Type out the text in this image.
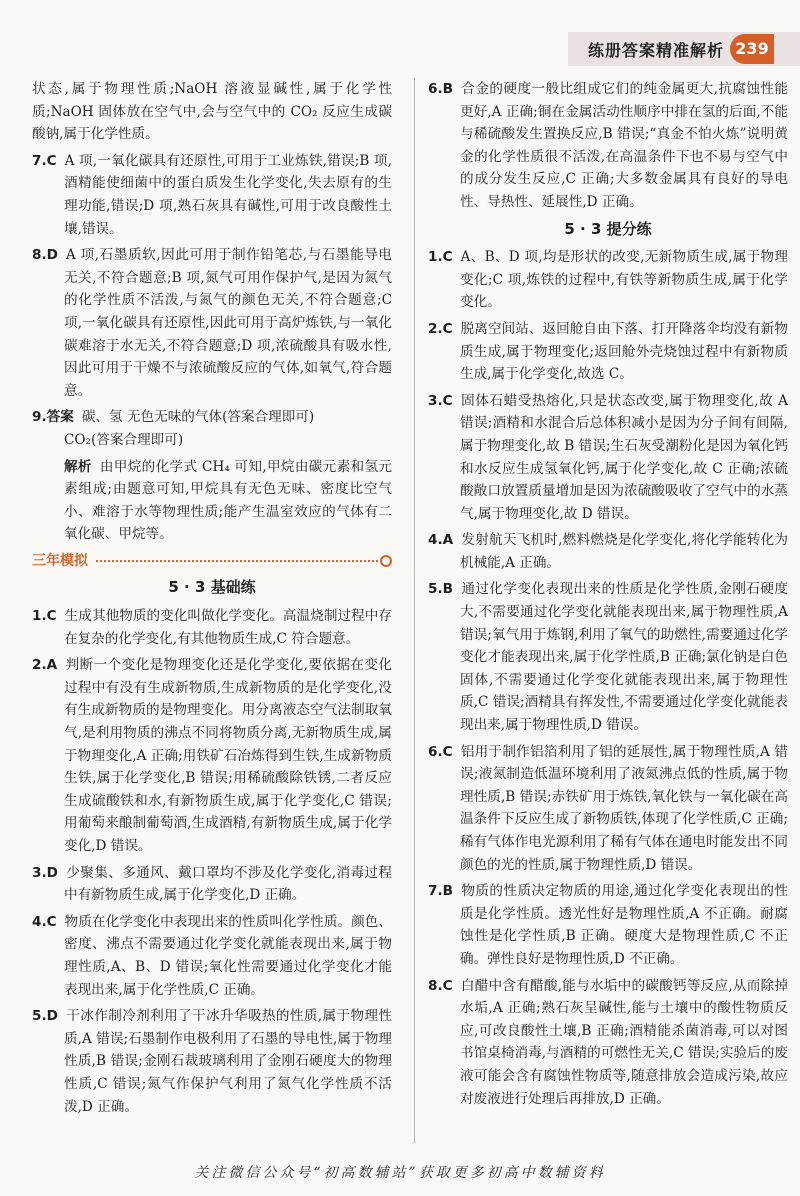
练册答案精准解析 239

状态,属于物理性质;NaOH 溶液显碱性,属于化学性质;NaOH 固体放在空气中,会与空气中的 CO₂ 反应生成碳酸钠,属于化学性质。

7.C A 项,一氧化碳具有还原性,可用于工业炼铁,错误;B 项,酒精能使细菌中的蛋白质发生化学变化,失去原有的生理功能,错误;D 项,熟石灰具有碱性,可用于改良酸性土壤,错误。

8.D A 项,石墨质软,因此可用于制作铅笔芯,与石墨能导电无关,不符合题意;B 项,氮气可用作保护气,是因为氮气的化学性质不活泼,与氮气的颜色无关,不符合题意;C 项,一氧化碳具有还原性,因此可用于高炉炼铁,与一氧化碳难溶于水无关,不符合题意;D 项,浓硫酸具有吸水性,因此可用于干燥不与浓硫酸反应的气体,如氧气,符合题意。

9.答案 碳、氢 无色无味的气体(答案合理即可)

CO₂(答案合理即可)

解析 由甲烷的化学式 CH₄ 可知,甲烷由碳元素和氢元素组成;由题意可知,甲烷具有无色无味、密度比空气小、难溶于水等物理性质;能产生温室效应的气体有二氧化碳、甲烷等。

三年模拟
5 · 3 基础练

1.C 生成其他物质的变化叫做化学变化。高温烧制过程中存在复杂的化学变化,有其他物质生成,C 符合题意。

2.A 判断一个变化是物理变化还是化学变化,要依据在变化过程中有没有生成新物质,生成新物质的是化学变化,没有生成新物质的是物理变化。用分离液态空气法制取氧气,是利用物质的沸点不同将物质分离,无新物质生成,属于物理变化,A 正确;用铁矿石冶炼得到生铁,生成新物质生铁,属于化学变化,B 错误;用稀硫酸除铁锈,二者反应生成硫酸铁和水,有新物质生成,属于化学变化,C 错误;用葡萄来酿制葡萄酒,生成酒精,有新物质生成,属于化学变化,D 错误。

3.D 少聚集、多通风、戴口罩均不涉及化学变化,消毒过程中有新物质生成,属于化学变化,D 正确。

4.C 物质在化学变化中表现出来的性质叫化学性质。颜色、密度、沸点不需要通过化学变化就能表现出来,属于物理性质,A、B、D 错误;氧化性需要通过化学变化才能表现出来,属于化学性质,C 正确。

5.D 干冰作制冷剂利用了干冰升华吸热的性质,属于物理性质,A 错误;石墨制作电极利用了石墨的导电性,属于物理性质,B 错误;金刚石裁玻璃利用了金刚石硬度大的物理性质,C 错误;氮气作保护气利用了氮气化学性质不活泼,D 正确。

6.B 合金的硬度一般比组成它们的纯金属更大,抗腐蚀性能更好,A 正确;铜在金属活动性顺序中排在氢的后面,不能与稀硫酸发生置换反应,B 错误;“真金不怕火炼”说明黄金的化学性质很不活泼,在高温条件下也不易与空气中的成分发生反应,C 正确;大多数金属具有良好的导电性、导热性、延展性,D 正确。

5 · 3 提分练

1.C A、B、D 项,均是形状的改变,无新物质生成,属于物理变化;C 项,炼铁的过程中,有铁等新物质生成,属于化学变化。

2.C 脱离空间站、返回舱自由下落、打开降落伞均没有新物质生成,属于物理变化;返回舱外壳烧蚀过程中有新物质生成,属于化学变化,故选 C。

3.C 固体石蜡受热熔化,只是状态改变,属于物理变化,故 A 错误;酒精和水混合后总体积减小是因为分子间有间隔,属于物理变化,故 B 错误;生石灰受潮粉化是因为氧化钙和水反应生成氢氧化钙,属于化学变化,故 C 正确;浓硫酸敞口放置质量增加是因为浓硫酸吸收了空气中的水蒸气,属于物理变化,故 D 错误。

4.A 发射航天飞机时,燃料燃烧是化学变化,将化学能转化为机械能,A 正确。

5.B 通过化学变化表现出来的性质是化学性质,金刚石硬度大,不需要通过化学变化就能表现出来,属于物理性质,A 错误;氧气用于炼钢,利用了氧气的助燃性,需要通过化学变化才能表现出来,属于化学性质,B 正确;氯化钠是白色固体,不需要通过化学变化就能表现出来,属于物理性质,C 错误;酒精具有挥发性,不需要通过化学变化就能表现出来,属于物理性质,D 错误。

6.C 铝用于制作铝箔利用了铝的延展性,属于物理性质,A 错误;液氮制造低温环境利用了液氮沸点低的性质,属于物理性质,B 错误;赤铁矿用于炼铁,氧化铁与一氧化碳在高温条件下反应生成了新物质铁,体现了化学性质,C 正确;稀有气体作电光源利用了稀有气体在通电时能发出不同颜色的光的性质,属于物理性质,D 错误。

7.B 物质的性质决定物质的用途,通过化学变化表现出的性质是化学性质。透光性好是物理性质,A 不正确。耐腐蚀性是化学性质,B 正确。硬度大是物理性质,C 不正确。弹性良好是物理性质,D 不正确。

8.C 白醋中含有醋酸,能与水垢中的碳酸钙等反应,从而除掉水垢,A 正确;熟石灰呈碱性,能与土壤中的酸性物质反应,可改良酸性土壤,B 正确;酒精能杀菌消毒,可以对图书馆桌椅消毒,与酒精的可燃性无关,C 错误;实验后的废液可能会含有腐蚀性物质等,随意排放会造成污染,故应对废液进行处理后再排放,D 正确。

关注微信公众号“初高数辅站”获取更多初高中数辅资料
